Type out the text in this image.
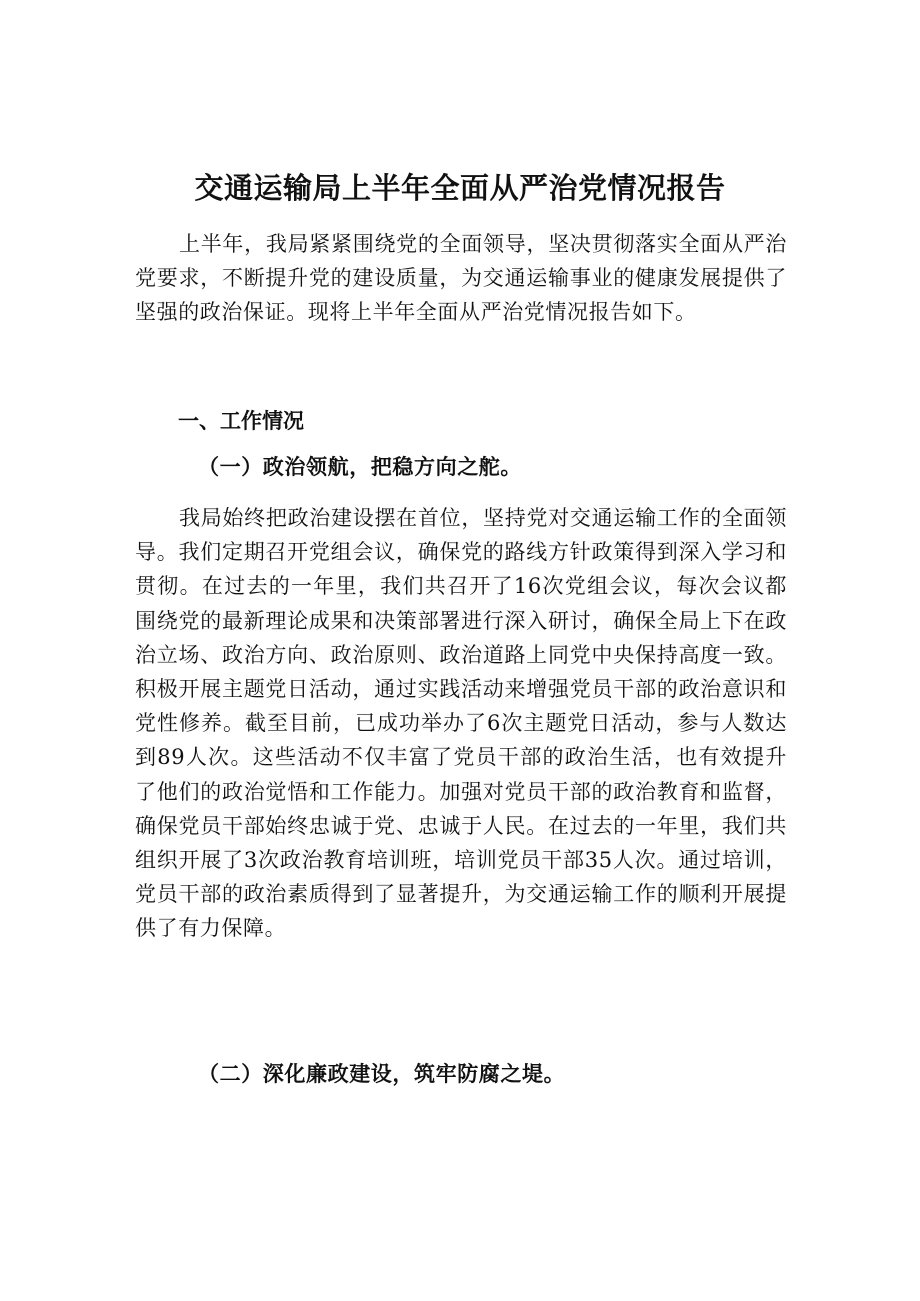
交通运输局上半年全面从严治党情况报告

上半年，我局紧紧围绕党的全面领导，坚决贯彻落实全面从严治党要求，不断提升党的建设质量，为交通运输事业的健康发展提供了坚强的政治保证。现将上半年全面从严治党情况报告如下。

一、工作情况
（一）政治领航，把稳方向之舵。

我局始终把政治建设摆在首位，坚持党对交通运输工作的全面领导。我们定期召开党组会议，确保党的路线方针政策得到深入学习和贯彻。在过去的一年里，我们共召开了16次党组会议，每次会议都围绕党的最新理论成果和决策部署进行深入研讨，确保全局上下在政治立场、政治方向、政治原则、政治道路上同党中央保持高度一致。积极开展主题党日活动，通过实践活动来增强党员干部的政治意识和党性修养。截至目前，已成功举办了6次主题党日活动，参与人数达到89人次。这些活动不仅丰富了党员干部的政治生活，也有效提升了他们的政治觉悟和工作能力。加强对党员干部的政治教育和监督，确保党员干部始终忠诚于党、忠诚于人民。在过去的一年里，我们共组织开展了3次政治教育培训班，培训党员干部35人次。通过培训，党员干部的政治素质得到了显著提升，为交通运输工作的顺利开展提供了有力保障。

（二）深化廉政建设，筑牢防腐之堤。
